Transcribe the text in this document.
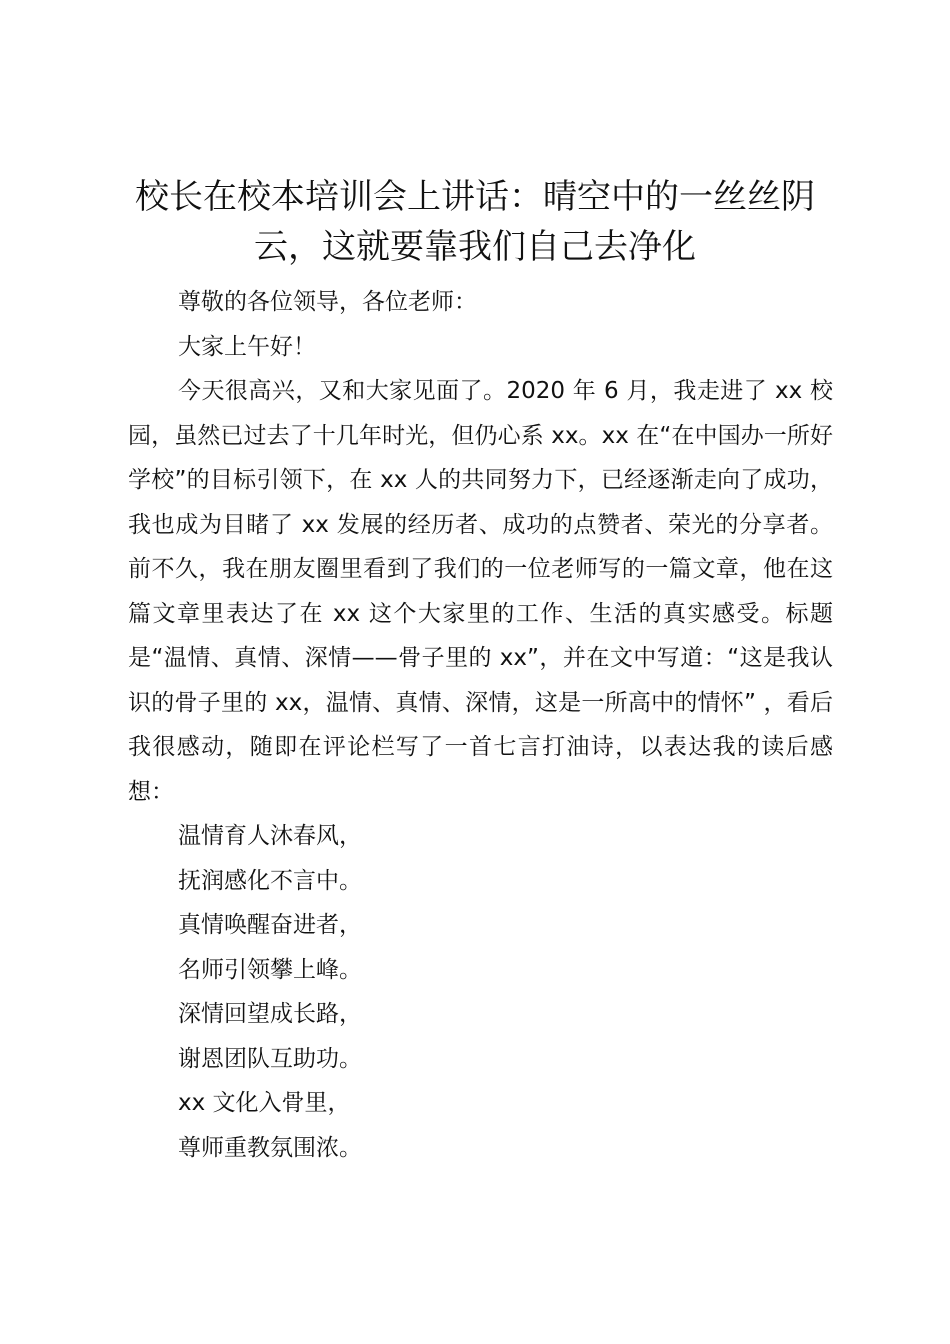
校长在校本培训会上讲话：晴空中的一丝丝阴云，这就要靠我们自己去净化

尊敬的各位领导，各位老师：

大家上午好！

今天很高兴，又和大家见面了。2020 年 6 月，我走进了 xx 校园，虽然已过去了十几年时光，但仍心系 xx。xx 在“在中国办一所好学校”的目标引领下，在 xx 人的共同努力下，已经逐渐走向了成功，我也成为目睹了 xx 发展的经历者、成功的点赞者、荣光的分享者。前不久，我在朋友圈里看到了我们的一位老师写的一篇文章，他在这篇文章里表达了在 xx 这个大家里的工作、生活的真实感受。标题是“温情、真情、深情——骨子里的 xx”，并在文中写道：“这是我认识的骨子里的 xx，温情、真情、深情，这是一所高中的情怀” ，看后我很感动，随即在评论栏写了一首七言打油诗，以表达我的读后感想：

温情育人沐春风，

抚润感化不言中。

真情唤醒奋进者，

名师引领攀上峰。

深情回望成长路，

谢恩团队互助功。

xx 文化入骨里，

尊师重教氛围浓。
